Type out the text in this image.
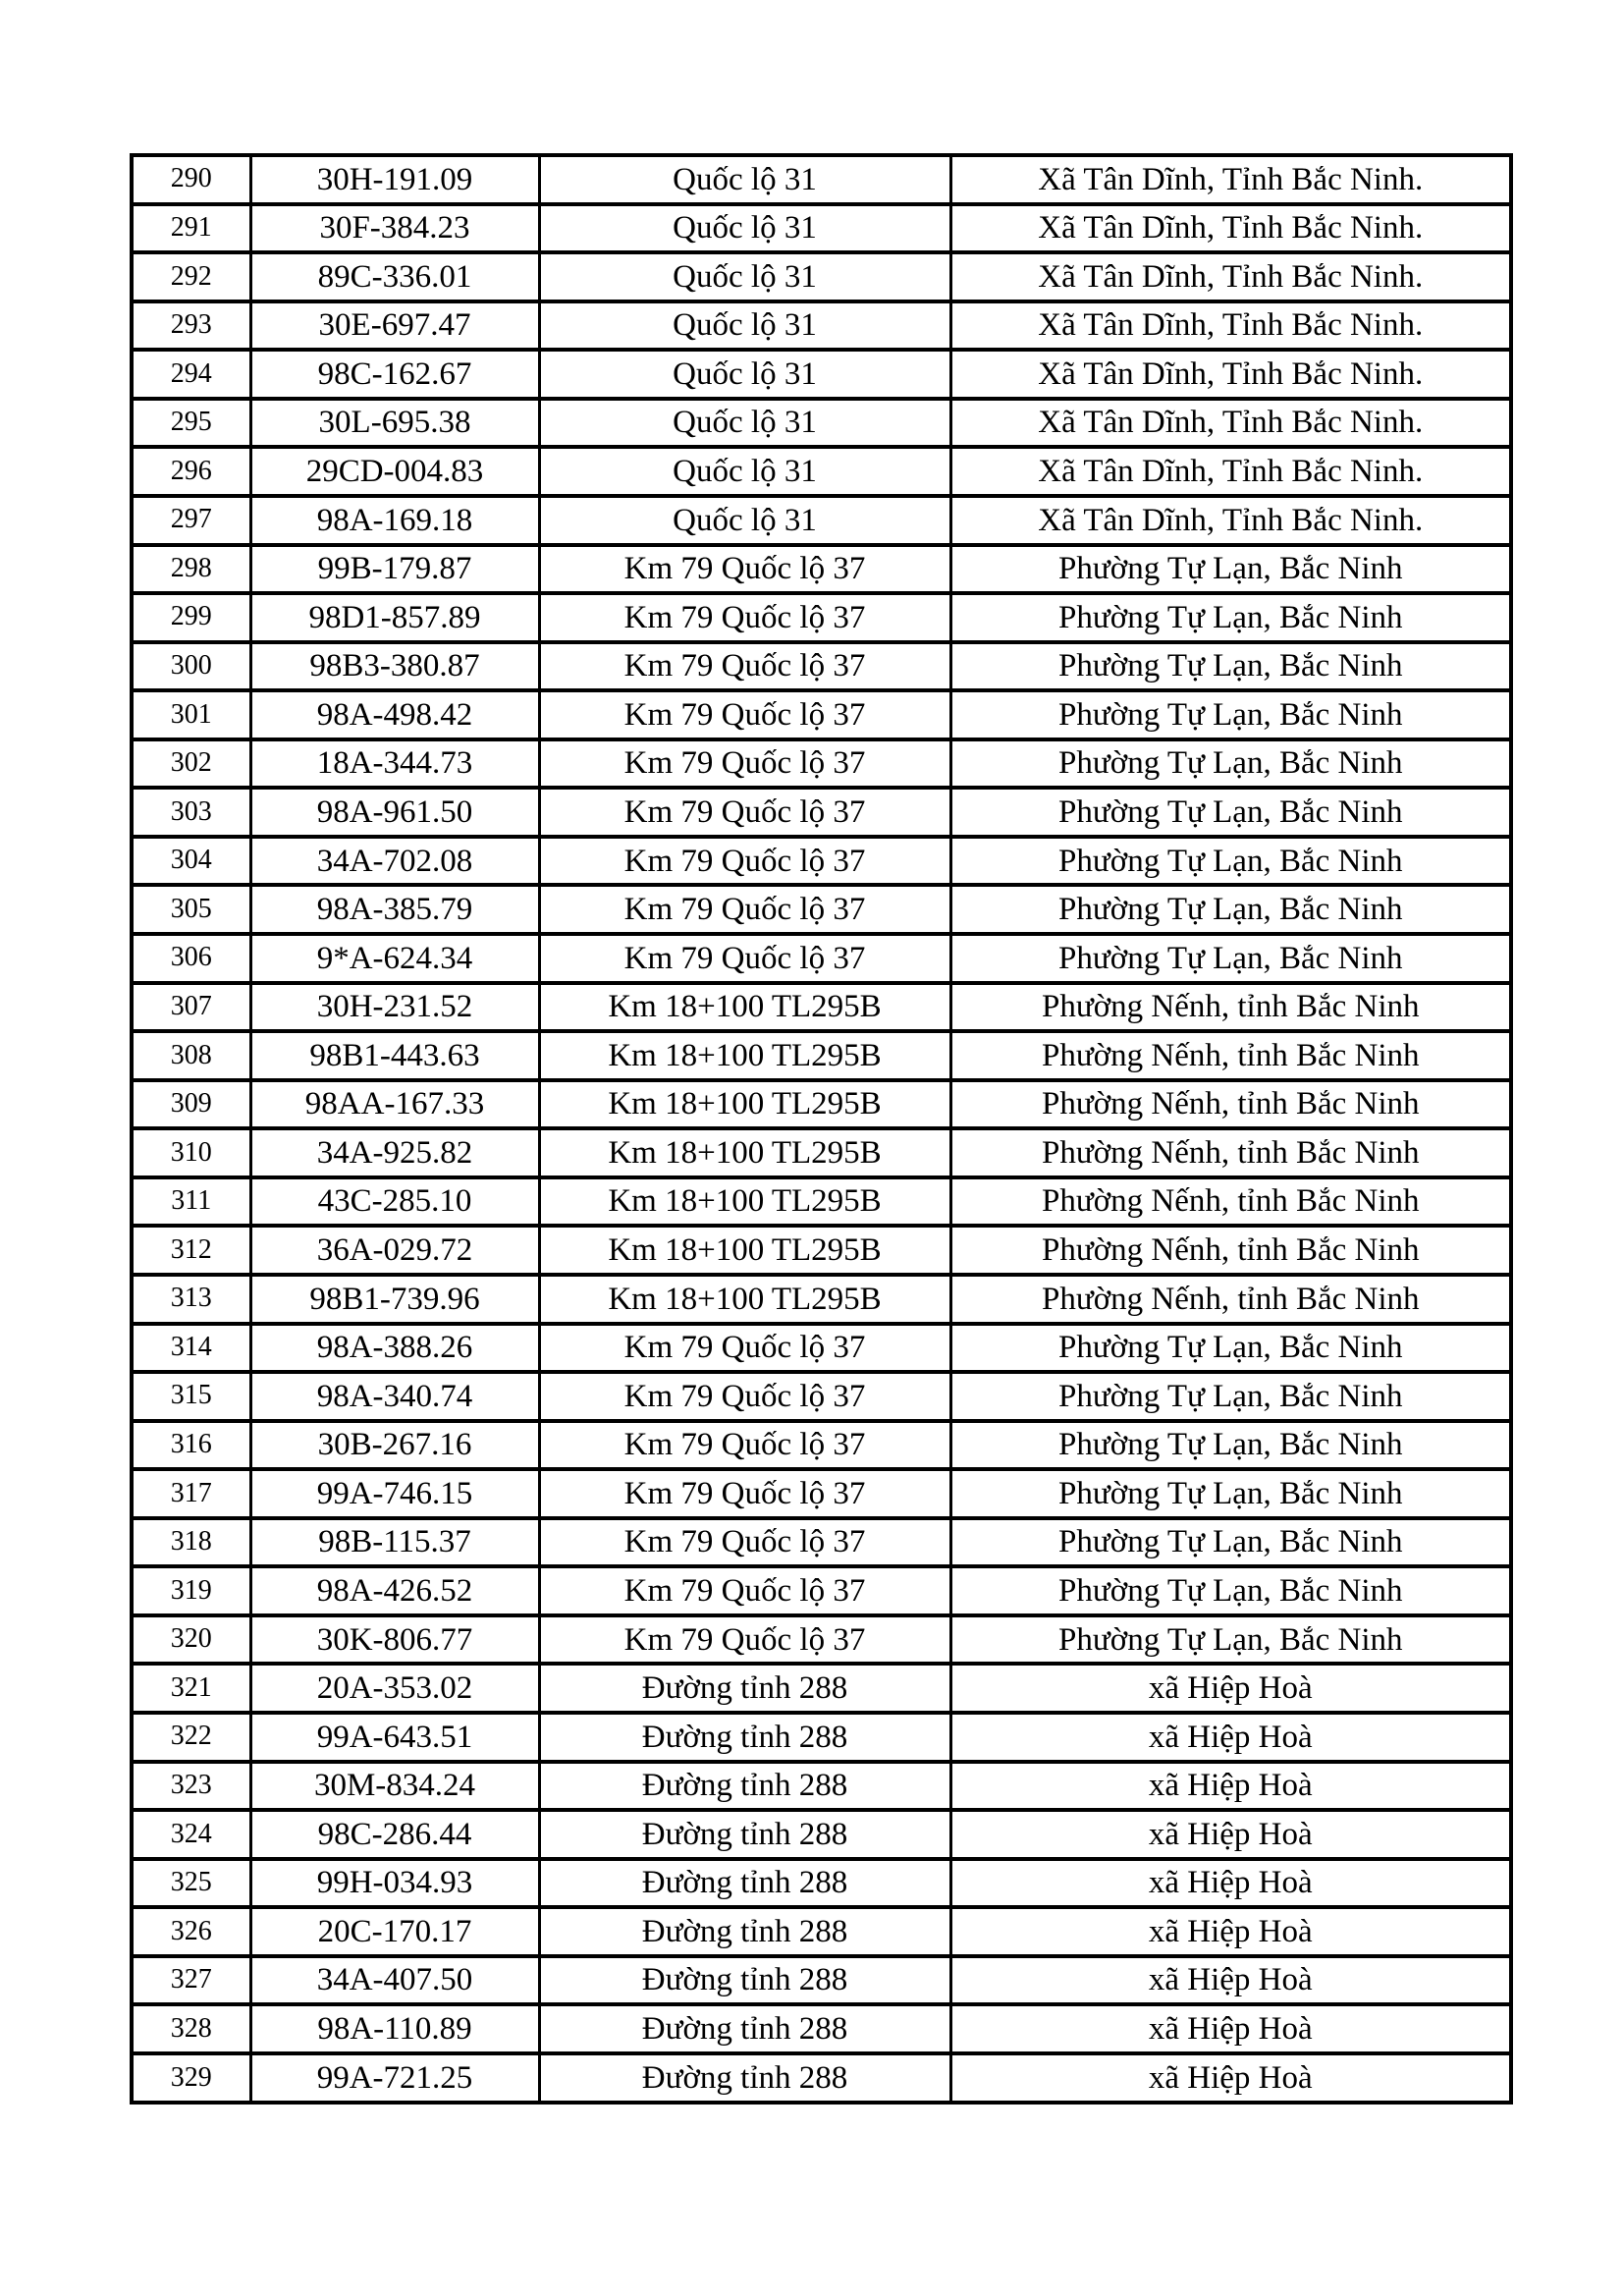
290	30H-191.09	Quốc lộ 31	Xã Tân Dĩnh, Tỉnh Bắc Ninh.
291	30F-384.23	Quốc lộ 31	Xã Tân Dĩnh, Tỉnh Bắc Ninh.
292	89C-336.01	Quốc lộ 31	Xã Tân Dĩnh, Tỉnh Bắc Ninh.
293	30E-697.47	Quốc lộ 31	Xã Tân Dĩnh, Tỉnh Bắc Ninh.
294	98C-162.67	Quốc lộ 31	Xã Tân Dĩnh, Tỉnh Bắc Ninh.
295	30L-695.38	Quốc lộ 31	Xã Tân Dĩnh, Tỉnh Bắc Ninh.
296	29CD-004.83	Quốc lộ 31	Xã Tân Dĩnh, Tỉnh Bắc Ninh.
297	98A-169.18	Quốc lộ 31	Xã Tân Dĩnh, Tỉnh Bắc Ninh.
298	99B-179.87	Km 79 Quốc lộ 37	Phường Tự Lạn, Bắc Ninh
299	98D1-857.89	Km 79 Quốc lộ 37	Phường Tự Lạn, Bắc Ninh
300	98B3-380.87	Km 79 Quốc lộ 37	Phường Tự Lạn, Bắc Ninh
301	98A-498.42	Km 79 Quốc lộ 37	Phường Tự Lạn, Bắc Ninh
302	18A-344.73	Km 79 Quốc lộ 37	Phường Tự Lạn, Bắc Ninh
303	98A-961.50	Km 79 Quốc lộ 37	Phường Tự Lạn, Bắc Ninh
304	34A-702.08	Km 79 Quốc lộ 37	Phường Tự Lạn, Bắc Ninh
305	98A-385.79	Km 79 Quốc lộ 37	Phường Tự Lạn, Bắc Ninh
306	9*A-624.34	Km 79 Quốc lộ 37	Phường Tự Lạn, Bắc Ninh
307	30H-231.52	Km 18+100 TL295B	Phường Nếnh, tỉnh Bắc Ninh
308	98B1-443.63	Km 18+100 TL295B	Phường Nếnh, tỉnh Bắc Ninh
309	98AA-167.33	Km 18+100 TL295B	Phường Nếnh, tỉnh Bắc Ninh
310	34A-925.82	Km 18+100 TL295B	Phường Nếnh, tỉnh Bắc Ninh
311	43C-285.10	Km 18+100 TL295B	Phường Nếnh, tỉnh Bắc Ninh
312	36A-029.72	Km 18+100 TL295B	Phường Nếnh, tỉnh Bắc Ninh
313	98B1-739.96	Km 18+100 TL295B	Phường Nếnh, tỉnh Bắc Ninh
314	98A-388.26	Km 79 Quốc lộ 37	Phường Tự Lạn, Bắc Ninh
315	98A-340.74	Km 79 Quốc lộ 37	Phường Tự Lạn, Bắc Ninh
316	30B-267.16	Km 79 Quốc lộ 37	Phường Tự Lạn, Bắc Ninh
317	99A-746.15	Km 79 Quốc lộ 37	Phường Tự Lạn, Bắc Ninh
318	98B-115.37	Km 79 Quốc lộ 37	Phường Tự Lạn, Bắc Ninh
319	98A-426.52	Km 79 Quốc lộ 37	Phường Tự Lạn, Bắc Ninh
320	30K-806.77	Km 79 Quốc lộ 37	Phường Tự Lạn, Bắc Ninh
321	20A-353.02	Đường tỉnh 288	xã Hiệp Hoà
322	99A-643.51	Đường tỉnh 288	xã Hiệp Hoà
323	30M-834.24	Đường tỉnh 288	xã Hiệp Hoà
324	98C-286.44	Đường tỉnh 288	xã Hiệp Hoà
325	99H-034.93	Đường tỉnh 288	xã Hiệp Hoà
326	20C-170.17	Đường tỉnh 288	xã Hiệp Hoà
327	34A-407.50	Đường tỉnh 288	xã Hiệp Hoà
328	98A-110.89	Đường tỉnh 288	xã Hiệp Hoà
329	99A-721.25	Đường tỉnh 288	xã Hiệp Hoà
